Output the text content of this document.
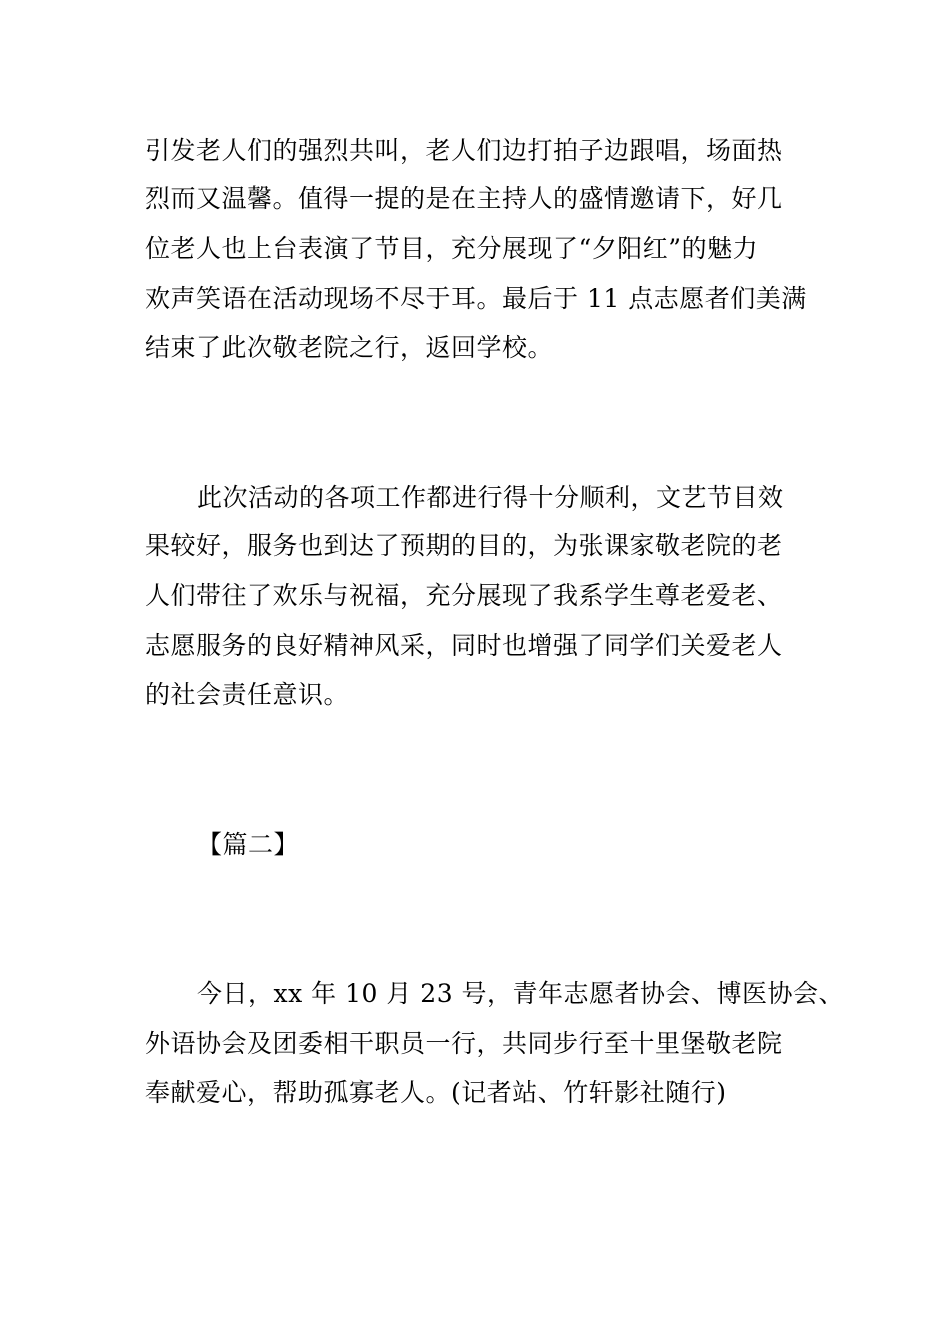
引发老人们的强烈共叫，老人们边打拍子边跟唱，场面热
烈而又温馨。值得一提的是在主持人的盛情邀请下，好几
位老人也上台表演了节目，充分展现了“夕阳红”的魅力
欢声笑语在活动现场不尽于耳。最后于 11 点志愿者们美满
结束了此次敬老院之行，返回学校。
此次活动的各项工作都进行得十分顺利，文艺节目效
果较好，服务也到达了预期的目的，为张课家敬老院的老
人们带往了欢乐与祝福，充分展现了我系学生尊老爱老、
志愿服务的良好精神风采，同时也增强了同学们关爱老人
的社会责任意识。
【篇二】
今日，xx 年 10 月 23 号，青年志愿者协会、博医协会、
外语协会及团委相干职员一行，共同步行至十里堡敬老院
奉献爱心，帮助孤寡老人。(记者站、竹轩影社随行)
